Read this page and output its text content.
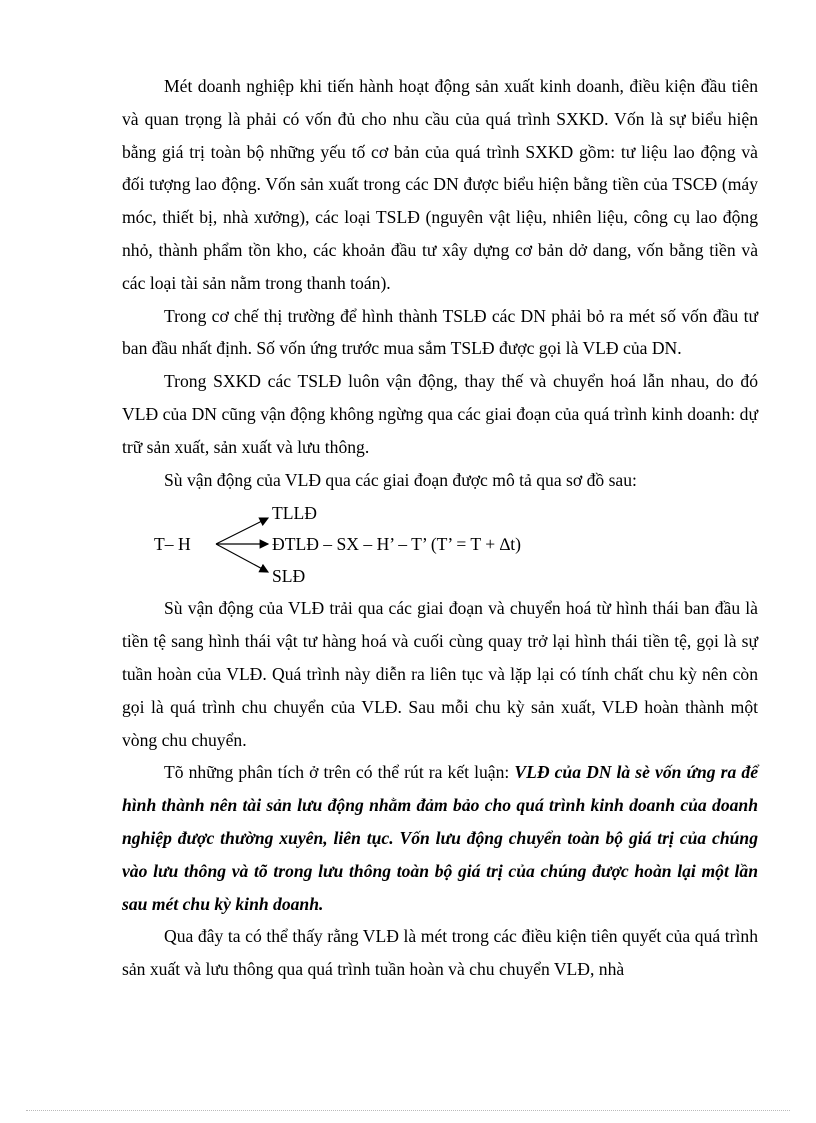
Mét doanh nghiệp khi tiến hành hoạt động sản xuất kinh doanh, điều kiện đầu tiên và quan trọng là phải có vốn đủ cho nhu cầu của quá trình SXKD. Vốn là sự biểu hiện bằng giá trị toàn bộ những yếu tố cơ bản của quá trình SXKD gồm: tư liệu lao động và đối tượng lao động. Vốn sản xuất trong các DN được biểu hiện bằng tiền của TSCĐ (máy móc, thiết bị, nhà xưởng), các loại TSLĐ (nguyên vật liệu, nhiên liệu, công cụ lao động nhỏ, thành phẩm tồn kho, các khoản đầu tư xây dựng cơ bản dở dang, vốn bằng tiền và các loại tài sản nằm trong thanh toán).

Trong cơ chế thị trường để hình thành TSLĐ các DN phải bỏ ra mét số vốn đầu tư ban đầu nhất định. Số vốn ứng trước mua sắm TSLĐ được gọi là VLĐ của DN.

Trong SXKD các TSLĐ luôn vận động, thay thế và chuyển hoá lẫn nhau, do đó VLĐ của DN cũng vận động không ngừng qua các giai đoạn của quá trình kinh doanh: dự trữ sản xuất, sản xuất và lưu thông.

Sù vận động của VLĐ qua các giai đoạn được mô tả qua sơ đồ sau:

T– H
TLLĐ
ĐTLĐ – SX – H’ – T’ (T’ = T + ∆t)
SLĐ

Sù vận động của VLĐ trải qua các giai đoạn và chuyển hoá từ hình thái ban đầu là tiền tệ sang hình thái vật tư hàng hoá và cuối cùng quay trở lại hình thái tiền tệ, gọi là sự tuần hoàn của VLĐ. Quá trình này diễn ra liên tục và lặp lại có tính chất chu kỳ nên còn gọi là quá trình chu chuyển của VLĐ. Sau mỗi chu kỳ sản xuất, VLĐ hoàn thành một vòng chu chuyển.

Tõ những phân tích ở trên có thể rút ra kết luận: VLĐ của DN là sè vốn ứng ra để hình thành nên tài sản lưu động nhằm đảm bảo cho quá trình kinh doanh của doanh nghiệp được thường xuyên, liên tục. Vốn lưu động chuyển toàn bộ giá trị của chúng vào lưu thông và tõ trong lưu thông toàn bộ giá trị của chúng được hoàn lại một lần sau mét chu kỳ kinh doanh.

Qua đây ta có thể thấy rằng VLĐ là mét trong các điều kiện tiên quyết của quá trình sản xuất và lưu thông qua quá trình tuần hoàn và chu chuyển VLĐ, nhà
